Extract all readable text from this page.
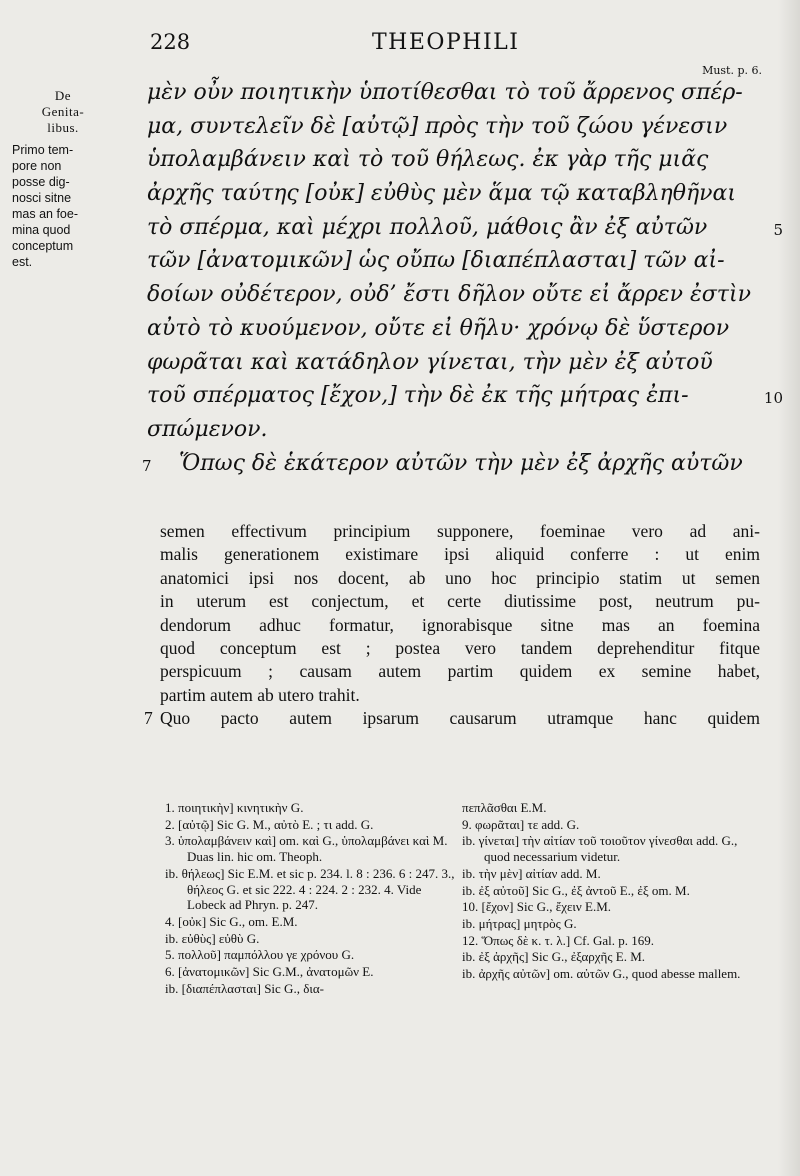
228	THEOPHILI
Must. p. 6.
De
Genita-
libus.
Primo tem-
pore non
posse dig-
nosci sitne
mas an foe-
mina quod
conceptum
est.
μὲν οὖν ποιητικὴν ὑποτίθεσθαι τὸ τοῦ ἄρρενος σπέρ-
μα, συντελεῖν δὲ [αὐτῷ] πρὸς τὴν τοῦ ζώου γένεσιν
ὑπολαμβάνειν καὶ τὸ τοῦ θήλεως. ἐκ γὰρ τῆς μιᾶς
ἀρχῆς ταύτης [οὐκ] εὐθὺς μὲν ἅμα τῷ καταβληθῆναι
τὸ σπέρμα, καὶ μέχρι πολλοῦ, μάθοις ἂν ἐξ αὐτῶν	5
τῶν [ἀνατομικῶν] ὡς οὔπω [διαπέπλασται] τῶν αἰ-
δοίων οὐδέτερον, οὐδ’ ἔστι δῆλον οὔτε εἰ ἄρρεν ἐστὶν
αὐτὸ τὸ κυούμενον, οὔτε εἰ θῆλυ· χρόνῳ δὲ ὕστερον
φωρᾶται καὶ κατάδηλον γίνεται, τὴν μὲν ἐξ αὐτοῦ
τοῦ σπέρματος [ἔχον,] τὴν δὲ ἐκ τῆς μήτρας ἐπι-	10
σπώμενον.
7 Ὅπως δὲ ἑκάτερον αὐτῶν τὴν μὲν ἐξ ἀρχῆς αὐτῶν
semen effectivum principium supponere, foeminae vero ad ani-
malis generationem existimare ipsi aliquid conferre : ut enim
anatomici ipsi nos docent, ab uno hoc principio statim ut semen
in uterum est conjectum, et certe diutissime post, neutrum pu-
dendorum adhuc formatur, ignorabisque sitne mas an foemina
quod conceptum est ; postea vero tandem deprehenditur fitque
perspicuum ; causam autem partim quidem ex semine habet,
partim autem ab utero trahit.
7 Quo pacto autem ipsarum causarum utramque hanc quidem
1. ποιητικὴν] κινητικὴν G.
2. [αὐτῷ] Sic G. M., αὐτὸ E. ; τι add. G.
3. ὑπολαμβάνειν καὶ] om. καὶ G., ὑπολαμβάνει καὶ M. Duas lin. hic om. Theoph.
ib. θήλεως] Sic E.M. et sic p. 234. l. 8 : 236. 6 : 247. 3., θήλεος G. et sic 222. 4 : 224. 2 : 232. 4. Vide Lobeck ad Phryn. p. 247.
4. [οὐκ] Sic G., om. E.M.
ib. εὐθὺς] εὐθὺ G.
5. πολλοῦ] παμπόλλου γε χρόνου G.
6. [ἀνατομικῶν] Sic G.M., ἀνατομῶν E.
ib. [διαπέπλασται] Sic G., δια-
πεπλᾶσθαι E.M.
9. φωρᾶται] τε add. G.
ib. γίνεται] τὴν αἰτίαν τοῦ τοιοῦτον γίνεσθαι add. G., quod necessarium videtur.
ib. τὴν μὲν] αἰτίαν add. M.
ib. ἐξ αὐτοῦ] Sic G., ἐξ ἀντοῦ E., ἐξ om. M.
10. [ἔχον] Sic G., ἔχειν E.M.
ib. μήτρας] μητρὸς G.
12. Ὅπως δὲ κ. τ. λ.] Cf. Gal. p. 169.
ib. ἐξ ἀρχῆς] Sic G., ἐξαρχῆς E. M.
ib. ἀρχῆς αὐτῶν] om. αὐτῶν G., quod abesse mallem.
